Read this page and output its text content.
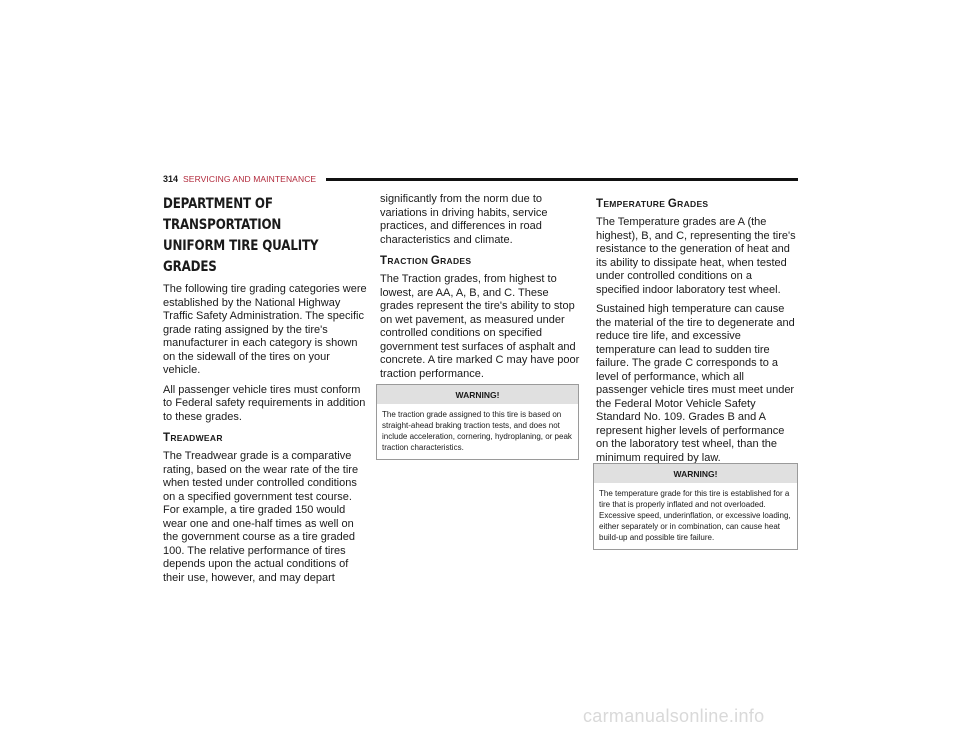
314 SERVICING AND MAINTENANCE
DEPARTMENT OF TRANSPORTATION
UNIFORM TIRE QUALITY GRADES

The following tire grading categories were established by the National Highway Traffic Safety Administration. The specific grade rating assigned by the tire's manufacturer in each category is shown on the sidewall of the tires on your vehicle.

All passenger vehicle tires must conform to Federal safety requirements in addition to these grades.

TREADWEAR

The Treadwear grade is a comparative rating, based on the wear rate of the tire when tested under controlled conditions on a specified government test course. For example, a tire graded 150 would wear one and one-half times as well on the government course as a tire graded 100. The relative performance of tires depends upon the actual conditions of their use, however, and may depart

significantly from the norm due to variations in driving habits, service practices, and differences in road characteristics and climate.

TRACTION GRADES

The Traction grades, from highest to lowest, are AA, A, B, and C. These grades represent the tire's ability to stop on wet pavement, as measured under controlled conditions on specified government test surfaces of asphalt and concrete. A tire marked C may have poor traction performance.

WARNING!
The traction grade assigned to this tire is based on straight-ahead braking traction tests, and does not include acceleration, cornering, hydroplaning, or peak traction characteristics.
TEMPERATURE GRADES

The Temperature grades are A (the highest), B, and C, representing the tire's resistance to the generation of heat and its ability to dissipate heat, when tested under controlled conditions on a specified indoor laboratory test wheel.

Sustained high temperature can cause the material of the tire to degenerate and reduce tire life, and excessive temperature can lead to sudden tire failure. The grade C corresponds to a level of performance, which all passenger vehicle tires must meet under the Federal Motor Vehicle Safety Standard No. 109. Grades B and A represent higher levels of performance on the laboratory test wheel, than the minimum required by law.

WARNING!
The temperature grade for this tire is established for a tire that is properly inflated and not overloaded. Excessive speed, underinflation, or excessive loading, either separately or in combination, can cause heat build-up and possible tire failure.
carmanualsonline.info
